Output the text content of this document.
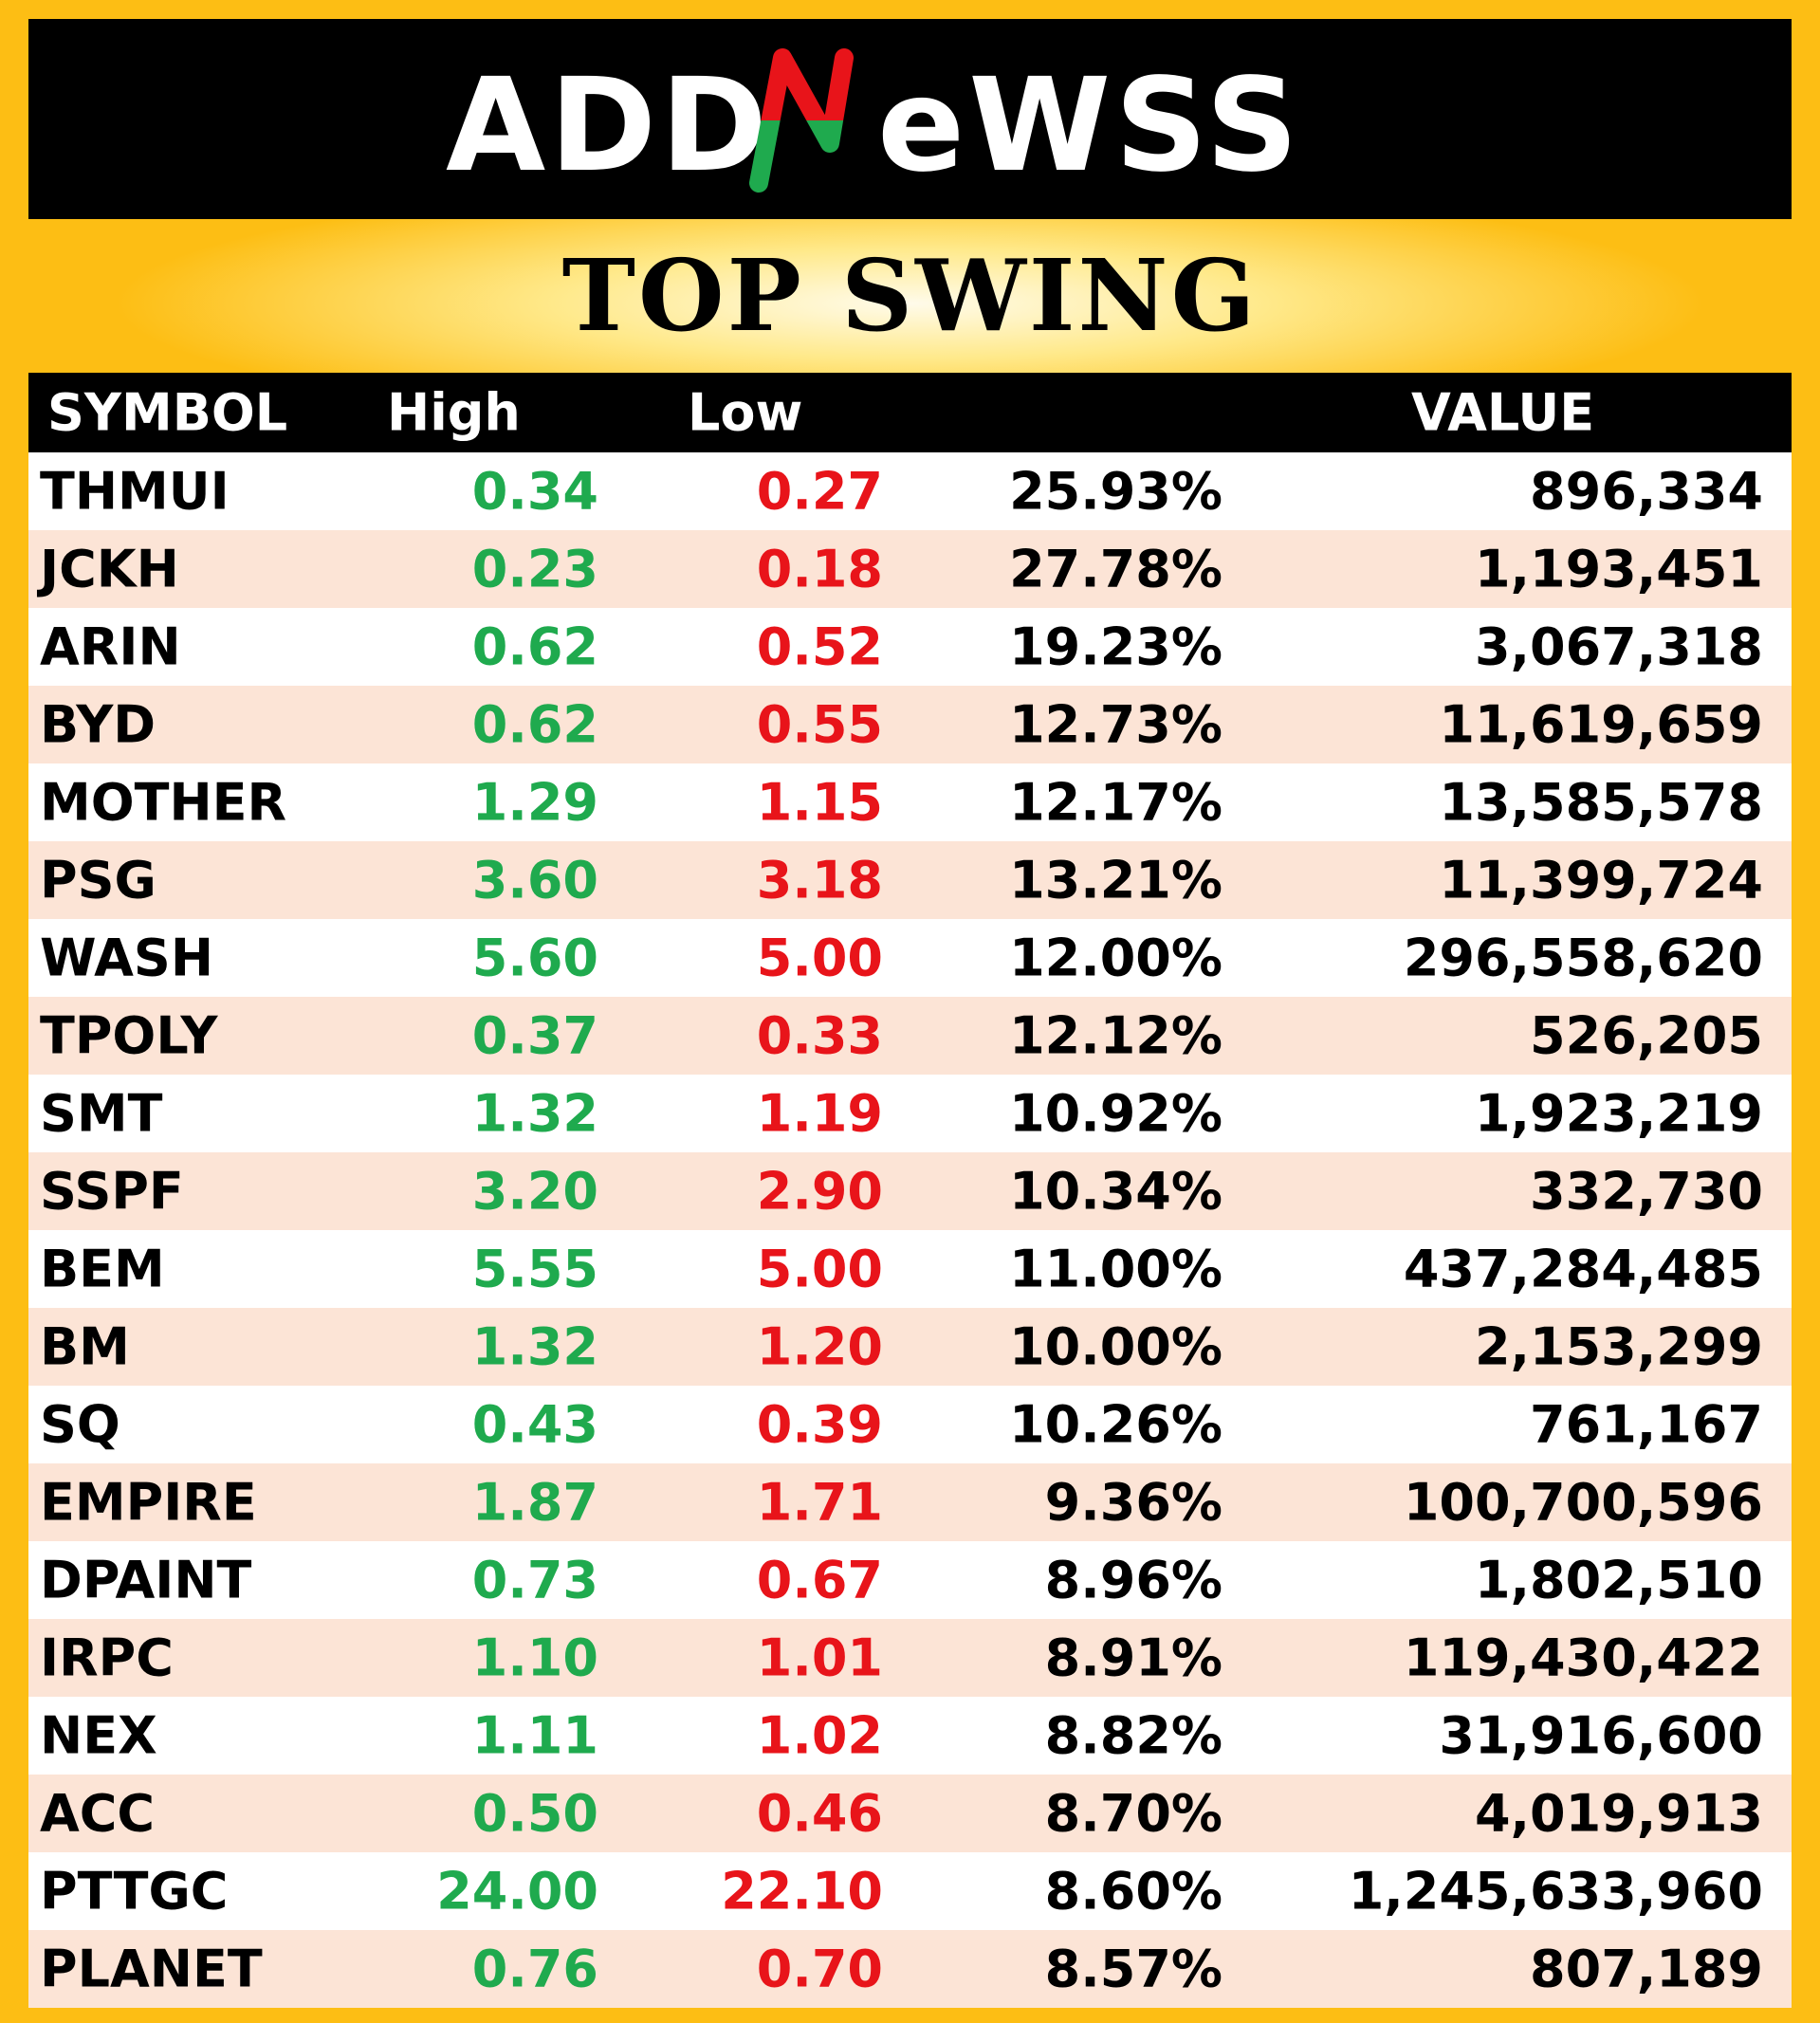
ADD eWSS
TOP SWING
SYMBOL High	Low	VALUE
THMUI	0.34	0.27 25.93%	896,334
JCKH	0.23	0.18 27.78%	1,193,451
ARIN	0.62	0.52 19.23%	3,067,318
BYD	0.62	0.55 12.73%	11,619,659
MOTHER	1.29	1.15 12.17%	13,585,578
PSG	3.60	3.18 13.21%	11,399,724
WASH	5.60	5.00 12.00%	296,558,620
TPOLY	0.37	0.33 12.12%	526,205
SMT	1.32	1.19 10.92%	1,923,219
SSPF	3.20	2.90 10.34%	332,730
BEM	5.55	5.00 11.00%	437,284,485
BM	1.32	1.20 10.00%	2,153,299
SQ	0.43	0.39 10.26%	761,167
EMPIRE	1.87	1.71	9.36%	100,700,596
DPAINT	0.73	0.67	8.96%	1,802,510
IRPC	1.10	1.01	8.91%	119,430,422
NEX	1.11	1.02	8.82%	31,916,600
ACC	0.50	0.46	8.70%	4,019,913
PTTGC	24.00 22.10	8.60% 1,245,633,960
PLANET	0.76	0.70	8.57%	807,189
